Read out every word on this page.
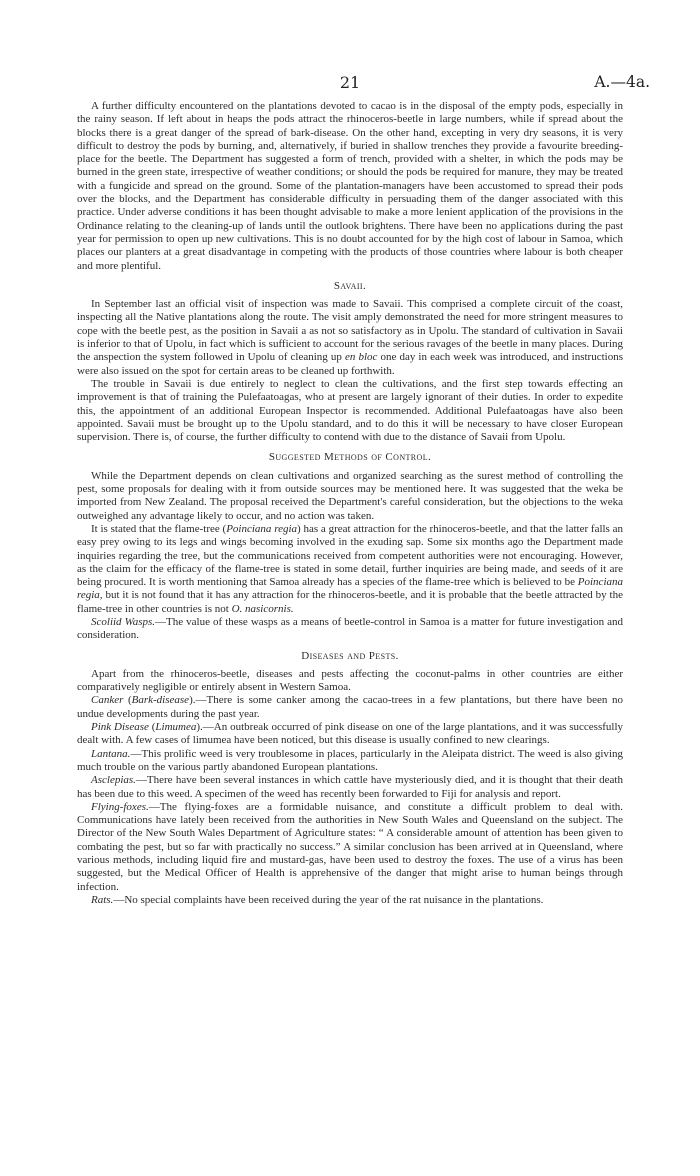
21	A.—4a.

A further difficulty encountered on the plantations devoted to cacao is in the disposal of the empty pods, especially in the rainy season. If left about in heaps the pods attract the rhinoceros-beetle in large numbers, while if spread about the blocks there is a great danger of the spread of bark-disease. On the other hand, excepting in very dry seasons, it is very difficult to destroy the pods by burning, and, alternatively, if buried in shallow trenches they provide a favourite breeding-place for the beetle. The Department has suggested a form of trench, provided with a shelter, in which the pods may be burned in the green state, irrespective of weather conditions; or should the pods be required for manure, they may be treated with a fungicide and spread on the ground. Some of the plantation-managers have been accustomed to spread their pods over the blocks, and the Department has considerable difficulty in persuading them of the danger associated with this practice. Under adverse conditions it has been thought advisable to make a more lenient application of the provisions in the Ordinance relating to the cleaning-up of lands until the outlook brightens. There have been no applications during the past year for permission to open up new cultivations. This is no doubt accounted for by the high cost of labour in Samoa, which places our planters at a great disadvantage in competing with the products of those countries where labour is both cheaper and more plentiful.

Savaii.

In September last an official visit of inspection was made to Savaii. This comprised a complete circuit of the coast, inspecting all the Native plantations along the route. The visit amply demonstrated the need for more stringent measures to cope with the beetle pest, as the position in Savaii a as not so satisfactory as in Upolu. The standard of cultivation in Savaii is inferior to that of Upolu, in fact which is sufficient to account for the serious ravages of the beetle in many places. During the anspection the system followed in Upolu of cleaning up en bloc one day in each week was introduced, and instructions were also issued on the spot for certain areas to be cleaned up forthwith.

The trouble in Savaii is due entirely to neglect to clean the cultivations, and the first step towards effecting an improvement is that of training the Pulefaatoagas, who at present are largely ignorant of their duties. In order to expedite this, the appointment of an additional European Inspector is recommended. Additional Pulefaatoagas have also been appointed. Savaii must be brought up to the Upolu standard, and to do this it will be necessary to have closer European supervision. There is, of course, the further difficulty to contend with due to the distance of Savaii from Upolu.

Suggested Methods of Control.

While the Department depends on clean cultivations and organized searching as the surest method of controlling the pest, some proposals for dealing with it from outside sources may be mentioned here. It was suggested that the weka be imported from New Zealand. The proposal received the Department's careful consideration, but the objections to the weka outweighed any advantage likely to occur, and no action was taken.

It is stated that the flame-tree (Poinciana regia) has a great attraction for the rhinoceros-beetle, and that the latter falls an easy prey owing to its legs and wings becoming involved in the exuding sap. Some six months ago the Department made inquiries regarding the tree, but the communications received from competent authorities were not encouraging. However, as the claim for the efficacy of the flame-tree is stated in some detail, further inquiries are being made, and seeds of it are being procured. It is worth mentioning that Samoa already has a species of the flame-tree which is believed to be Poinciana regia, but it is not found that it has any attraction for the rhinoceros-beetle, and it is probable that the beetle attracted by the flame-tree in other countries is not O. nasicornis.

Scoliid Wasps.—The value of these wasps as a means of beetle-control in Samoa is a matter for future investigation and consideration.

Diseases and Pests.

Apart from the rhinoceros-beetle, diseases and pests affecting the coconut-palms in other countries are either comparatively negligible or entirely absent in Western Samoa.

Canker (Bark-disease).—There is some canker among the cacao-trees in a few plantations, but there have been no undue developments during the past year.

Pink Disease (Limumea).—An outbreak occurred of pink disease on one of the large plantations, and it was successfully dealt with. A few cases of limumea have been noticed, but this disease is usually confined to new clearings.

Lantana.—This prolific weed is very troublesome in places, particularly in the Aleipata district. The weed is also giving much trouble on the various partly abandoned European plantations.

Asclepias.—There have been several instances in which cattle have mysteriously died, and it is thought that their death has been due to this weed. A specimen of the weed has recently been forwarded to Fiji for analysis and report.

Flying-foxes.—The flying-foxes are a formidable nuisance, and constitute a difficult problem to deal with. Communications have lately been received from the authorities in New South Wales and Queensland on the subject. The Director of the New South Wales Department of Agriculture states: “ A considerable amount of attention has been given to combating the pest, but so far with practically no success.” A similar conclusion has been arrived at in Queensland, where various methods, including liquid fire and mustard-gas, have been used to destroy the foxes. The use of a virus has been suggested, but the Medical Officer of Health is apprehensive of the danger that might arise to human beings through infection.

Rats.—No special complaints have been received during the year of the rat nuisance in the plantations.
